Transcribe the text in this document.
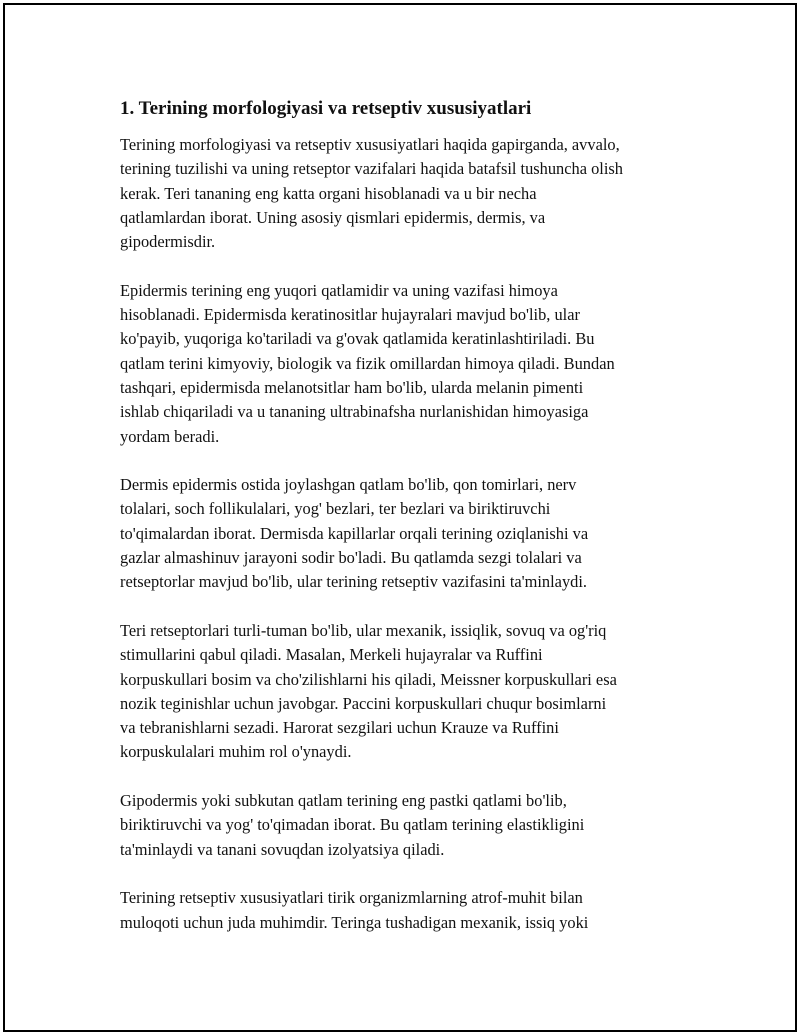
1. Terining morfologiyasi va retseptiv xususiyatlari
Terining morfologiyasi va retseptiv xususiyatlari haqida gapirganda, avvalo,
terining tuzilishi va uning retseptor vazifalari haqida batafsil tushuncha olish
kerak. Teri tananing eng katta organi hisoblanadi va u bir necha
qatlamlardan iborat. Uning asosiy qismlari epidermis, dermis, va
gipodermisdir.
Epidermis terining eng yuqori qatlamidir va uning vazifasi himoya
hisoblanadi. Epidermisda keratinositlar hujayralari mavjud bo'lib, ular
ko'payib, yuqoriga ko'tariladi va g'ovak qatlamida keratinlashtiriladi. Bu
qatlam terini kimyoviy, biologik va fizik omillardan himoya qiladi. Bundan
tashqari, epidermisda melanotsitlar ham bo'lib, ularda melanin pimenti
ishlab chiqariladi va u tananing ultrabinafsha nurlanishidan himoyasiga
yordam beradi.
Dermis epidermis ostida joylashgan qatlam bo'lib, qon tomirlari, nerv
tolalari, soch follikulalari, yog' bezlari, ter bezlari va biriktiruvchi
to'qimalardan iborat. Dermisda kapillarlar orqali terining oziqlanishi va
gazlar almashinuv jarayoni sodir bo'ladi. Bu qatlamda sezgi tolalari va
retseptorlar mavjud bo'lib, ular terining retseptiv vazifasini ta'minlaydi.
Teri retseptorlari turli-tuman bo'lib, ular mexanik, issiqlik, sovuq va og'riq
stimullarini qabul qiladi. Masalan, Merkeli hujayralar va Ruffini
korpuskullari bosim va cho'zilishlarni his qiladi, Meissner korpuskullari esa
nozik teginishlar uchun javobgar. Paccini korpuskullari chuqur bosimlarni
va tebranishlarni sezadi. Harorat sezgilari uchun Krauze va Ruffini
korpuskulalari muhim rol o'ynaydi.
Gipodermis yoki subkutan qatlam terining eng pastki qatlami bo'lib,
biriktiruvchi va yog' to'qimadan iborat. Bu qatlam terining elastikligini
ta'minlaydi va tanani sovuqdan izolyatsiya qiladi.
Terining retseptiv xususiyatlari tirik organizmlarning atrof-muhit bilan
muloqoti uchun juda muhimdir. Teringa tushadigan mexanik, issiq yoki
